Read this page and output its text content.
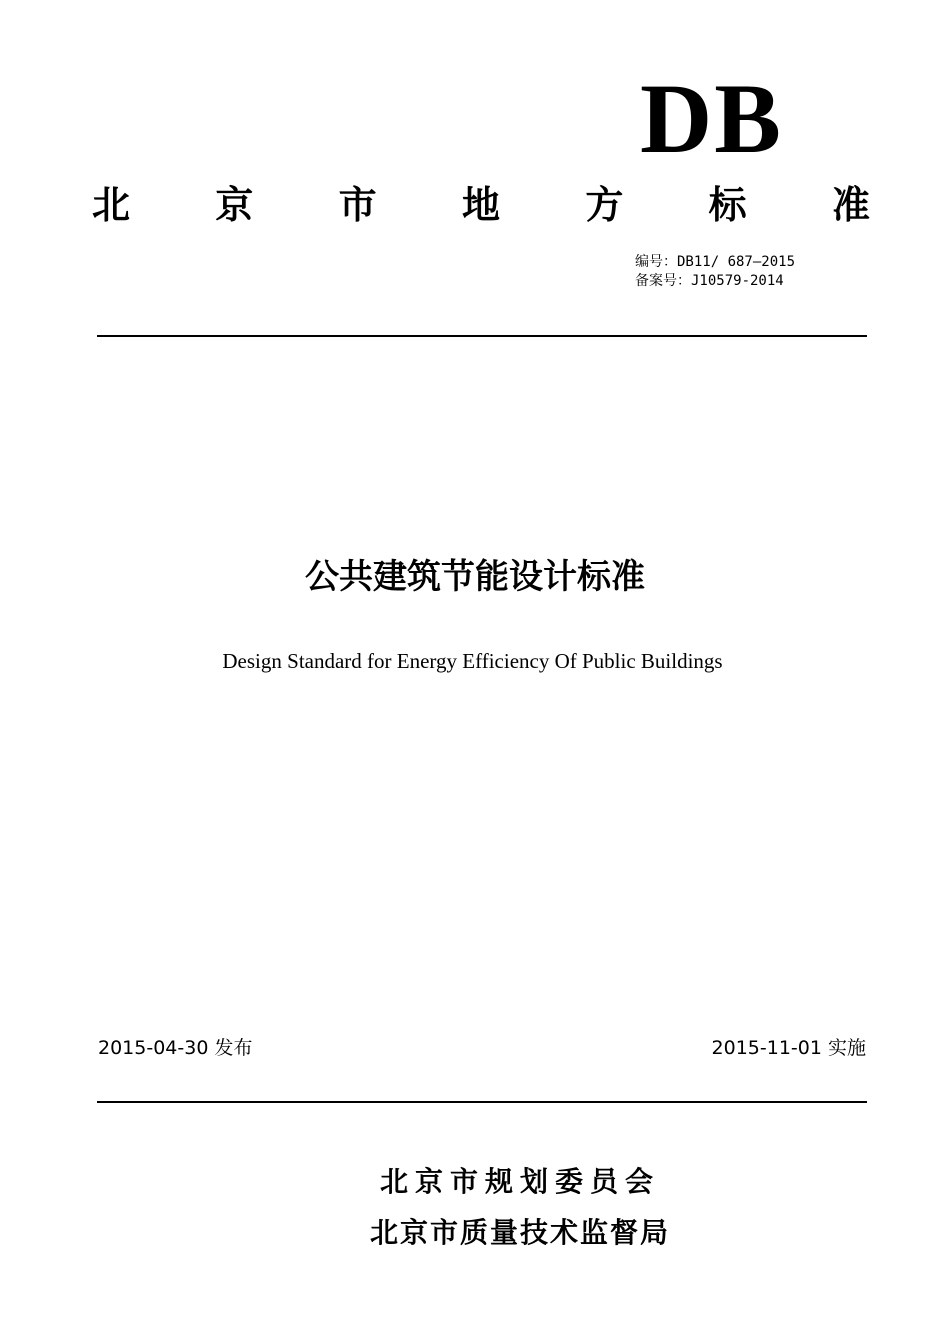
DB
北 京 市 地 方 标 准
编号：DB11/ 687—2015
备案号：J10579-2014
公共建筑节能设计标准
Design Standard for Energy Efficiency Of Public Buildings
2015-04-30 发布	2015-11-01 实施
北京市规划委员会
北京市质量技术监督局
